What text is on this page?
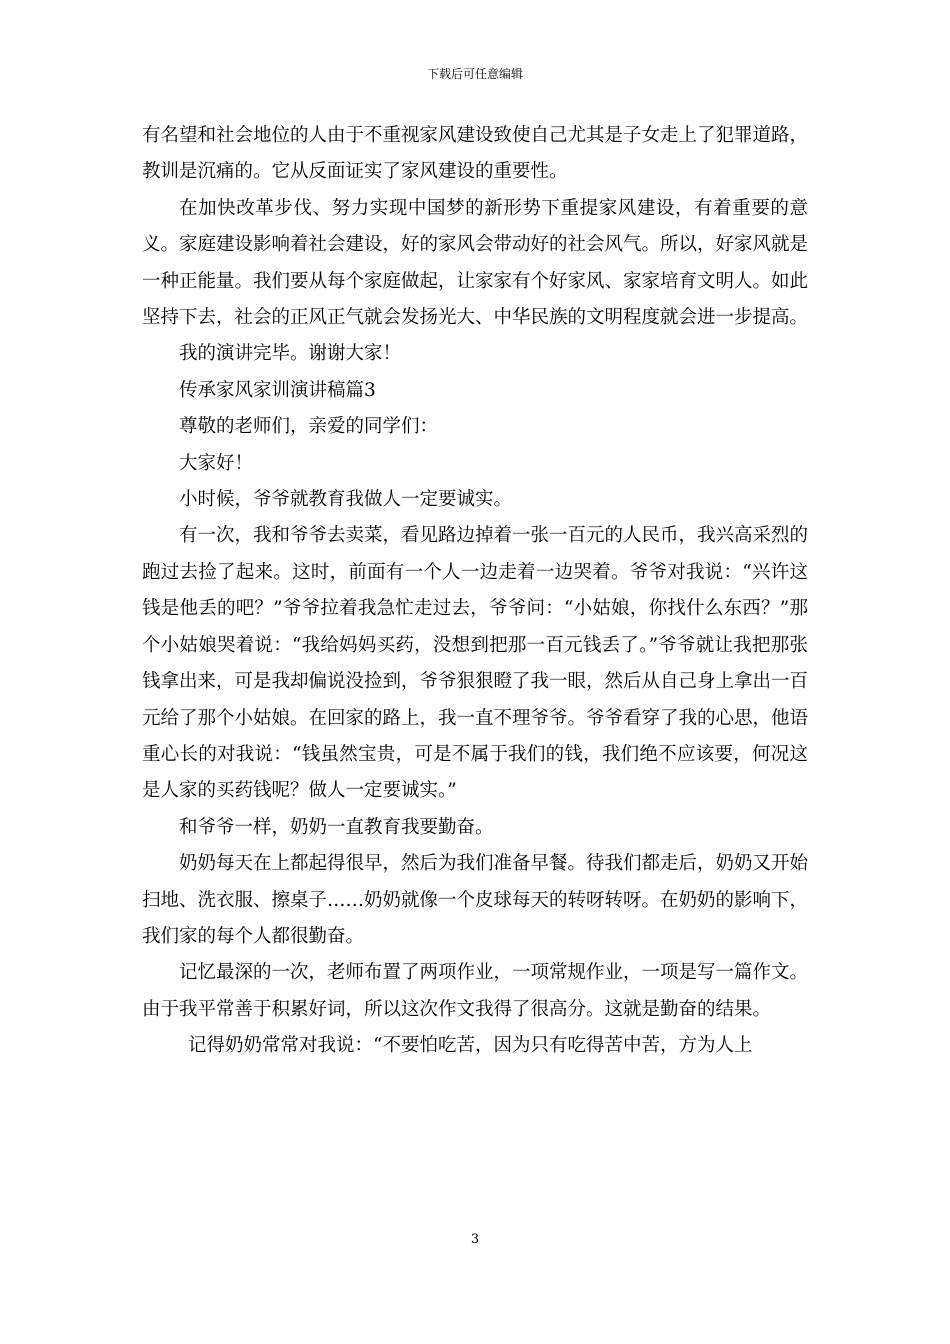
下载后可任意编辑

有名望和社会地位的人由于不重视家风建设致使自己尤其是子女走上了犯罪道路，教训是沉痛的。它从反面证实了家风建设的重要性。

在加快改革步伐、努力实现中国梦的新形势下重提家风建设，有着重要的意义。家庭建设影响着社会建设，好的家风会带动好的社会风气。所以，好家风就是一种正能量。我们要从每个家庭做起，让家家有个好家风、家家培育文明人。如此坚持下去，社会的正风正气就会发扬光大、中华民族的文明程度就会进一步提高。

我的演讲完毕。谢谢大家！

传承家风家训演讲稿篇3

尊敬的老师们，亲爱的同学们：

大家好！

小时候，爷爷就教育我做人一定要诚实。

有一次，我和爷爷去卖菜，看见路边掉着一张一百元的人民币，我兴高采烈的跑过去捡了起来。这时，前面有一个人一边走着一边哭着。爷爷对我说：“兴许这钱是他丢的吧？”爷爷拉着我急忙走过去，爷爷问：“小姑娘，你找什么东西？”那个小姑娘哭着说：“我给妈妈买药，没想到把那一百元钱丢了。”爷爷就让我把那张钱拿出来，可是我却偏说没捡到，爷爷狠狠瞪了我一眼，然后从自己身上拿出一百元给了那个小姑娘。在回家的路上，我一直不理爷爷。爷爷看穿了我的心思，他语重心长的对我说：“钱虽然宝贵，可是不属于我们的钱，我们绝不应该要，何况这是人家的买药钱呢？做人一定要诚实。”

和爷爷一样，奶奶一直教育我要勤奋。

奶奶每天在上都起得很早，然后为我们准备早餐。待我们都走后，奶奶又开始扫地、洗衣服、擦桌子……奶奶就像一个皮球每天的转呀转呀。在奶奶的影响下，我们家的每个人都很勤奋。

记忆最深的一次，老师布置了两项作业，一项常规作业，一项是写一篇作文。由于我平常善于积累好词，所以这次作文我得了很高分。这就是勤奋的结果。

记得奶奶常常对我说：“不要怕吃苦，因为只有吃得苦中苦，方为人上

3
